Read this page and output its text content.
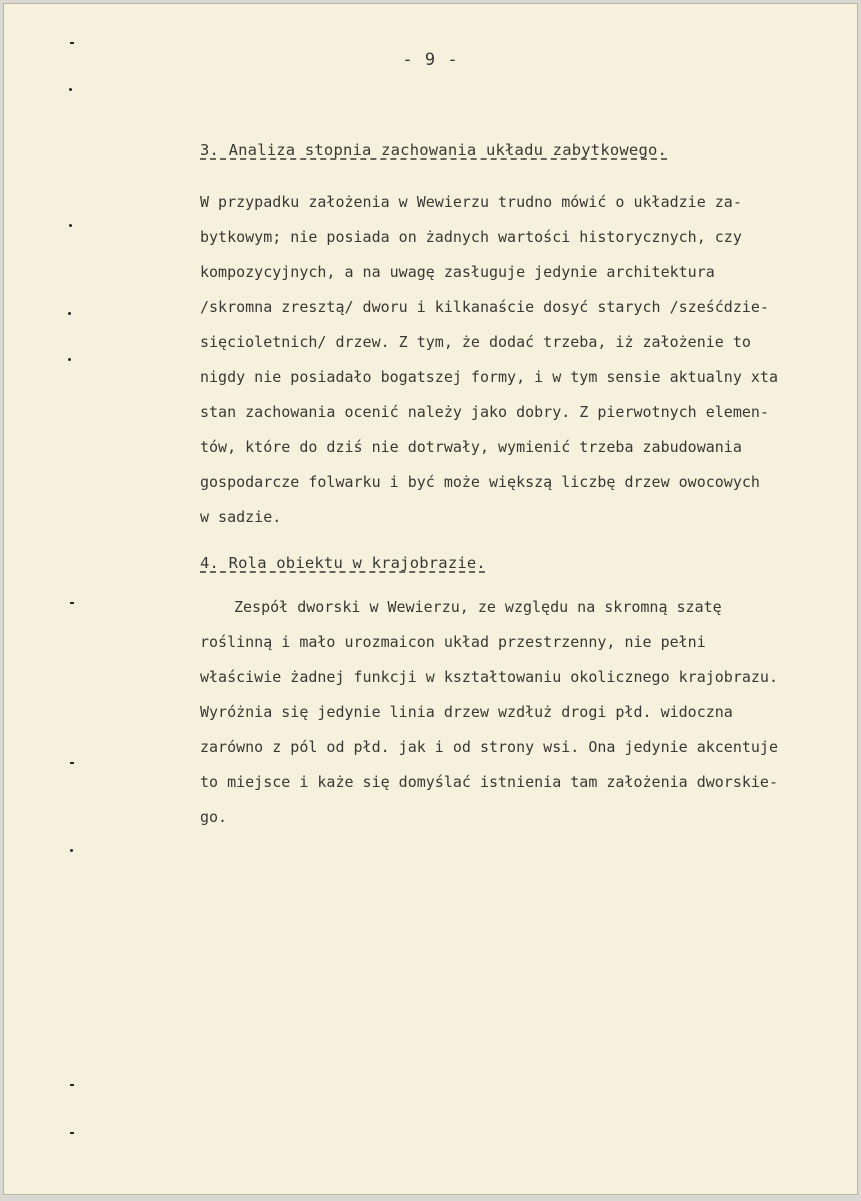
- 9 -
3. Analiza stopnia zachowania układu zabytkowego.
W przypadku założenia w Wewierzu trudno mówić o układzie za-
bytkowym; nie posiada on żadnych wartości historycznych, czy
kompozycyjnych, a na uwagę zasługuje jedynie architektura
/skromna zresztą/ dworu i kilkanaście dosyć starych /sześćdzie-
sięcioletnich/ drzew. Z tym, że dodać trzeba, iż założenie to
nigdy nie posiadało bogatszej formy, i w tym sensie aktualny xta
stan zachowania ocenić należy jako dobry. Z pierwotnych elemen-
tów, które do dziś nie dotrwały, wymienić trzeba zabudowania
gospodarcze folwarku i być może większą liczbę drzew owocowych
w sadzie.
4. Rola obiektu w krajobrazie.
Zespół dworski w Wewierzu, ze względu na skromną szatę
roślinną i mało urozmaicon układ przestrzenny, nie pełni
właściwie żadnej funkcji w kształtowaniu okolicznego krajobrazu.
Wyróżnia się jedynie linia drzew wzdłuż drogi płd. widoczna
zarówno z pól od płd. jak i od strony wsi. Ona jedynie akcentuje
to miejsce i każe się domyślać istnienia tam założenia dworskie-
go.
